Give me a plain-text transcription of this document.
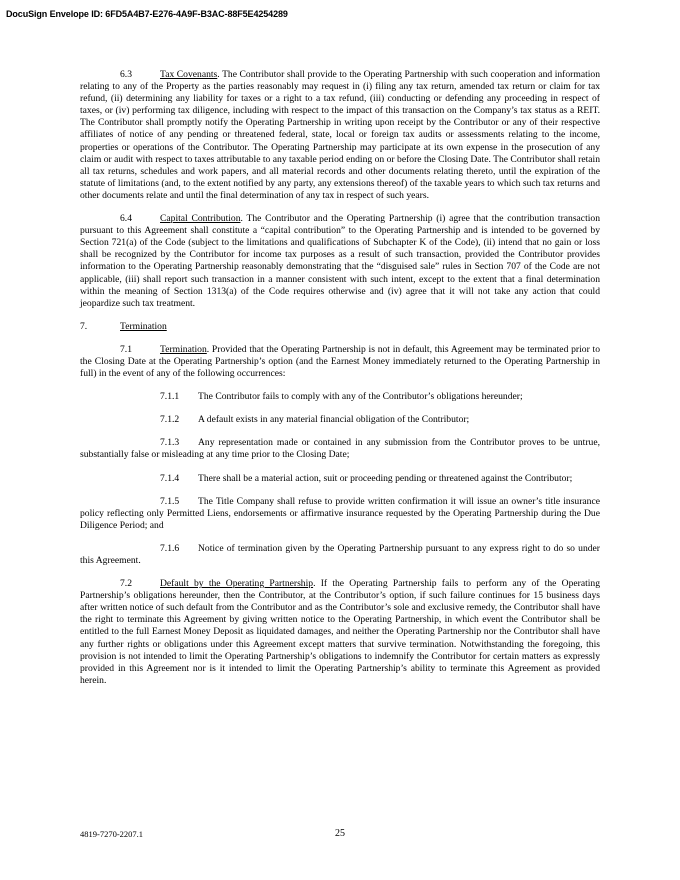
DocuSign Envelope ID: 6FD5A4B7-E276-4A9F-B3AC-88F5E4254289

6.3	Tax Covenants. The Contributor shall provide to the Operating Partnership with such cooperation and information relating to any of the Property as the parties reasonably may request in (i) filing any tax return, amended tax return or claim for tax refund, (ii) determining any liability for taxes or a right to a tax refund, (iii) conducting or defending any proceeding in respect of taxes, or (iv) performing tax diligence, including with respect to the impact of this transaction on the Company’s tax status as a REIT. The Contributor shall promptly notify the Operating Partnership in writing upon receipt by the Contributor or any of their respective affiliates of notice of any pending or threatened federal, state, local or foreign tax audits or assessments relating to the income, properties or operations of the Contributor. The Operating Partnership may participate at its own expense in the prosecution of any claim or audit with respect to taxes attributable to any taxable period ending on or before the Closing Date. The Contributor shall retain all tax returns, schedules and work papers, and all material records and other documents relating thereto, until the expiration of the statute of limitations (and, to the extent notified by any party, any extensions thereof) of the taxable years to which such tax returns and other documents relate and until the final determination of any tax in respect of such years.

6.4	Capital Contribution. The Contributor and the Operating Partnership (i) agree that the contribution transaction pursuant to this Agreement shall constitute a “capital contribution” to the Operating Partnership and is intended to be governed by Section 721(a) of the Code (subject to the limitations and qualifications of Subchapter K of the Code), (ii) intend that no gain or loss shall be recognized by the Contributor for income tax purposes as a result of such transaction, provided the Contributor provides information to the Operating Partnership reasonably demonstrating that the “disguised sale” rules in Section 707 of the Code are not applicable, (iii) shall report such transaction in a manner consistent with such intent, except to the extent that a final determination within the meaning of Section 1313(a) of the Code requires otherwise and (iv) agree that it will not take any action that could jeopardize such tax treatment.

7.	Termination

7.1	Termination. Provided that the Operating Partnership is not in default, this Agreement may be terminated prior to the Closing Date at the Operating Partnership’s option (and the Earnest Money immediately returned to the Operating Partnership in full) in the event of any of the following occurrences:

7.1.1 The Contributor fails to comply with any of the Contributor’s obligations hereunder;

7.1.2 A default exists in any material financial obligation of the Contributor;

7.1.3 Any representation made or contained in any submission from the Contributor proves to be untrue, substantially false or misleading at any time prior to the Closing Date;

7.1.4 There shall be a material action, suit or proceeding pending or threatened against the Contributor;

7.1.5 The Title Company shall refuse to provide written confirmation it will issue an owner’s title insurance policy reflecting only Permitted Liens, endorsements or affirmative insurance requested by the Operating Partnership during the Due Diligence Period; and

7.1.6 Notice of termination given by the Operating Partnership pursuant to any express right to do so under this Agreement.

7.2	Default by the Operating Partnership. If the Operating Partnership fails to perform any of the Operating Partnership’s obligations hereunder, then the Contributor, at the Contributor’s option, if such failure continues for 15 business days after written notice of such default from the Contributor and as the Contributor’s sole and exclusive remedy, the Contributor shall have the right to terminate this Agreement by giving written notice to the Operating Partnership, in which event the Contributor shall be entitled to the full Earnest Money Deposit as liquidated damages, and neither the Operating Partnership nor the Contributor shall have any further rights or obligations under this Agreement except matters that survive termination. Notwithstanding the foregoing, this provision is not intended to limit the Operating Partnership’s obligations to indemnify the Contributor for certain matters as expressly provided in this Agreement nor is it intended to limit the Operating Partnership’s ability to terminate this Agreement as provided herein.

4819-7270-2207.1	25
